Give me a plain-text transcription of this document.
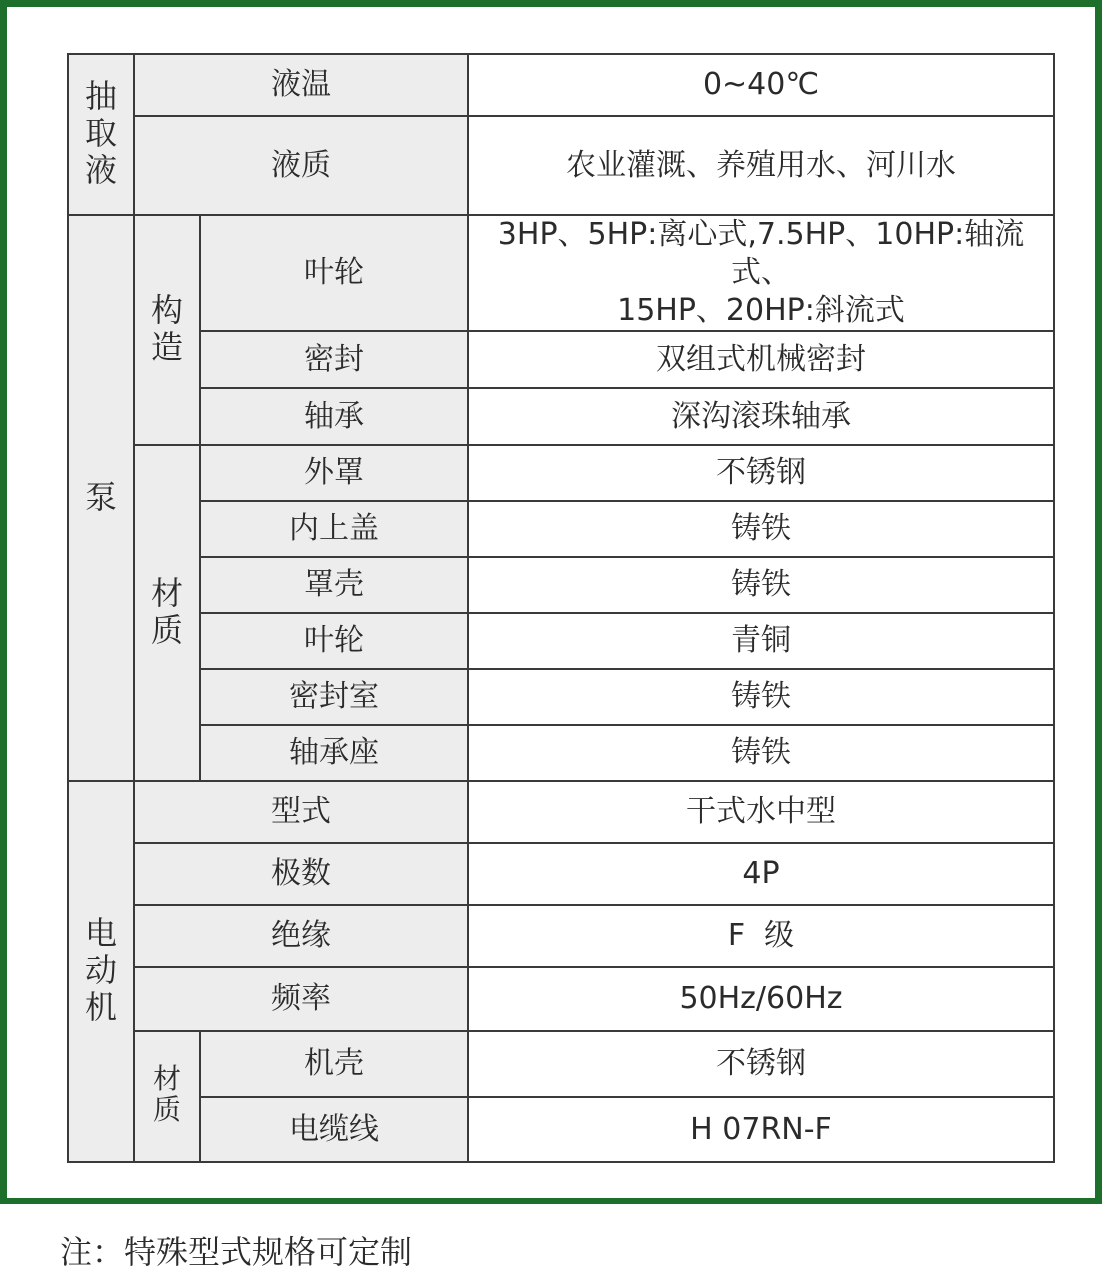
抽取液	液温		0~40℃
	液质		农业灌溉、养殖用水、河川水
泵	构造	叶轮	3HP、5HP:离心式,7.5HP、10HP:轴流式、
15HP、20HP:斜流式

		密封	双组式机械密封
		轴承	深沟滚珠轴承
	材质	外罩	不锈钢
		内上盖	铸铁
		罩壳	铸铁
		叶轮	青铜
		密封室	铸铁
		轴承座	铸铁
电动机	型式		干式水中型
	极数		4P
	绝缘		F  级
	频率		50Hz/60Hz
	材质	机壳	不锈钢
		电缆线	H 07RN-F

注：特殊型式规格可定制
